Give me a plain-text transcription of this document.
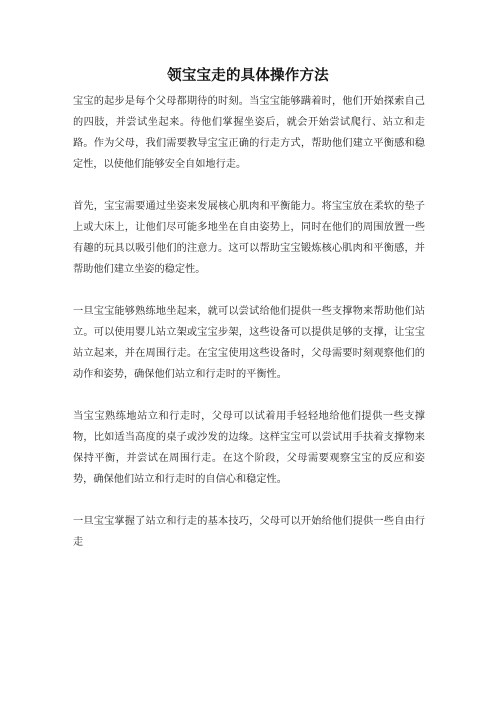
领宝宝走的具体操作方法

宝宝的起步是每个父母都期待的时刻。当宝宝能够蹒着时，他们开始探索自己的四肢，并尝试坐起来。待他们掌握坐姿后，就会开始尝试爬行、站立和走路。作为父母，我们需要教导宝宝正确的行走方式，帮助他们建立平衡感和稳定性，以使他们能够安全自如地行走。

首先，宝宝需要通过坐姿来发展核心肌肉和平衡能力。将宝宝放在柔软的垫子上或大床上，让他们尽可能多地坐在自由姿势上，同时在他们的周围放置一些有趣的玩具以吸引他们的注意力。这可以帮助宝宝锻炼核心肌肉和平衡感，并帮助他们建立坐姿的稳定性。

一旦宝宝能够熟练地坐起来，就可以尝试给他们提供一些支撑物来帮助他们站立。可以使用婴儿站立架或宝宝步架，这些设备可以提供足够的支撑，让宝宝站立起来，并在周围行走。在宝宝使用这些设备时，父母需要时刻观察他们的动作和姿势，确保他们站立和行走时的平衡性。

当宝宝熟练地站立和行走时，父母可以试着用手轻轻地给他们提供一些支撑物，比如适当高度的桌子或沙发的边缘。这样宝宝可以尝试用手扶着支撑物来保持平衡，并尝试在周围行走。在这个阶段，父母需要观察宝宝的反应和姿势，确保他们站立和行走时的自信心和稳定性。

一旦宝宝掌握了站立和行走的基本技巧，父母可以开始给他们提供一些自由行走
